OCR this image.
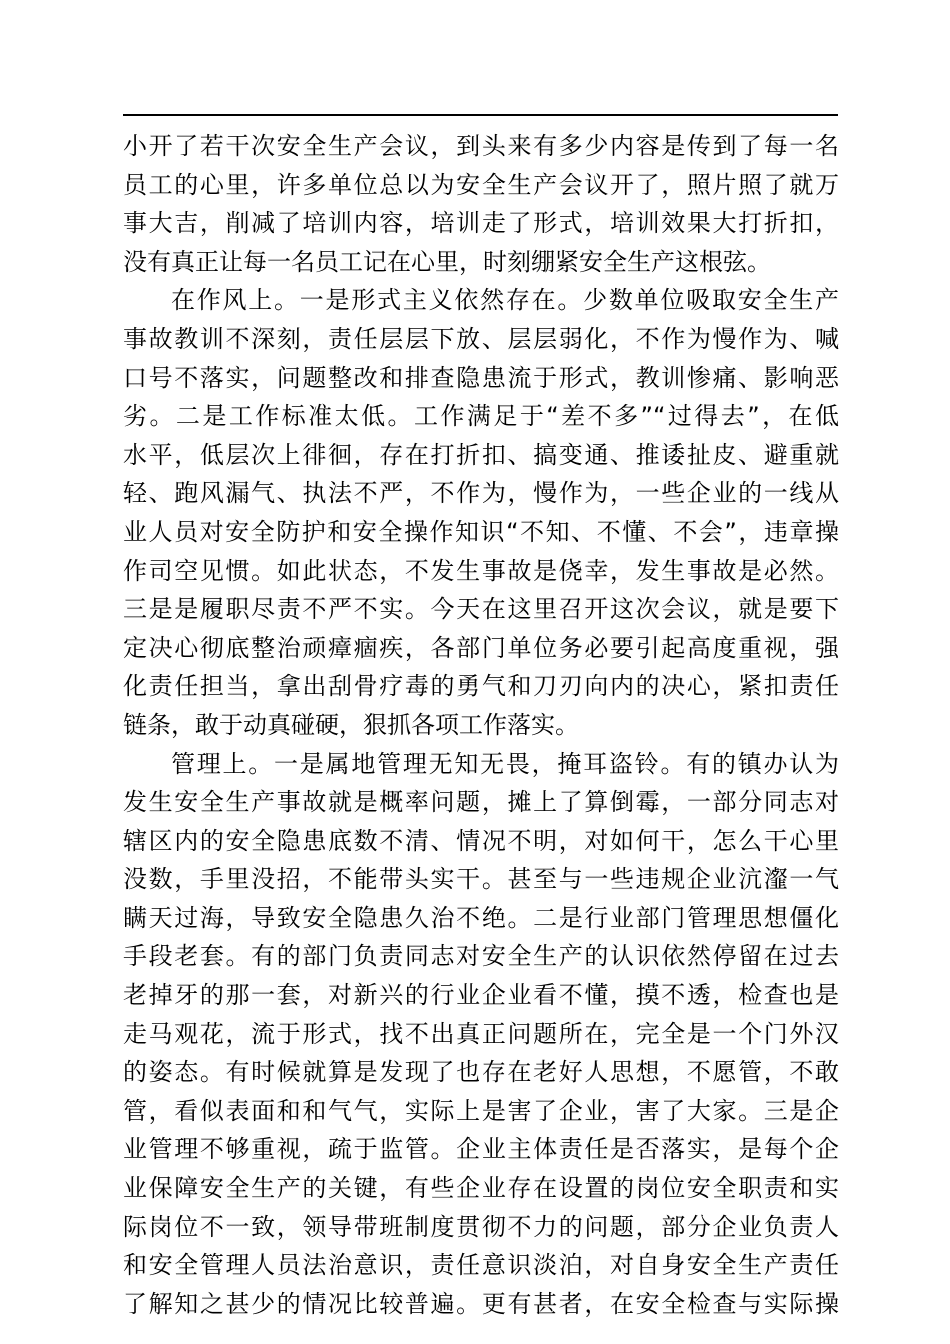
小开了若干次安全生产会议，到头来有多少内容是传到了每一名
员工的心里，许多单位总以为安全生产会议开了，照片照了就万
事大吉，削减了培训内容，培训走了形式，培训效果大打折扣，
没有真正让每一名员工记在心里，时刻绷紧安全生产这根弦。
在作风上。一是形式主义依然存在。少数单位吸取安全生产
事故教训不深刻，责任层层下放、层层弱化，不作为慢作为、喊
口号不落实，问题整改和排查隐患流于形式，教训惨痛、影响恶
劣。二是工作标准太低。工作满足于“差不多”“过得去”，在低
水平，低层次上徘徊，存在打折扣、搞变通、推诿扯皮、避重就
轻、跑风漏气、执法不严，不作为，慢作为，一些企业的一线从
业人员对安全防护和安全操作知识“不知、不懂、不会”，违章操
作司空见惯。如此状态，不发生事故是侥幸，发生事故是必然。
三是是履职尽责不严不实。今天在这里召开这次会议，就是要下
定决心彻底整治顽瘴痼疾，各部门单位务必要引起高度重视，强
化责任担当，拿出刮骨疗毒的勇气和刀刃向内的决心，紧扣责任
链条，敢于动真碰硬，狠抓各项工作落实。
管理上。一是属地管理无知无畏，掩耳盗铃。有的镇办认为
发生安全生产事故就是概率问题，摊上了算倒霉，一部分同志对
辖区内的安全隐患底数不清、情况不明，对如何干，怎么干心里
没数，手里没招，不能带头实干。甚至与一些违规企业沆瀣一气
瞒天过海，导致安全隐患久治不绝。二是行业部门管理思想僵化
手段老套。有的部门负责同志对安全生产的认识依然停留在过去
老掉牙的那一套，对新兴的行业企业看不懂，摸不透，检查也是
走马观花，流于形式，找不出真正问题所在，完全是一个门外汉
的姿态。有时候就算是发现了也存在老好人思想，不愿管，不敢
管，看似表面和和气气，实际上是害了企业，害了大家。三是企
业管理不够重视，疏于监管。企业主体责任是否落实，是每个企
业保障安全生产的关键，有些企业存在设置的岗位安全职责和实
际岗位不一致，领导带班制度贯彻不力的问题，部分企业负责人
和安全管理人员法治意识，责任意识淡泊，对自身安全生产责任
了解知之甚少的情况比较普遍。更有甚者，在安全检查与实际操
